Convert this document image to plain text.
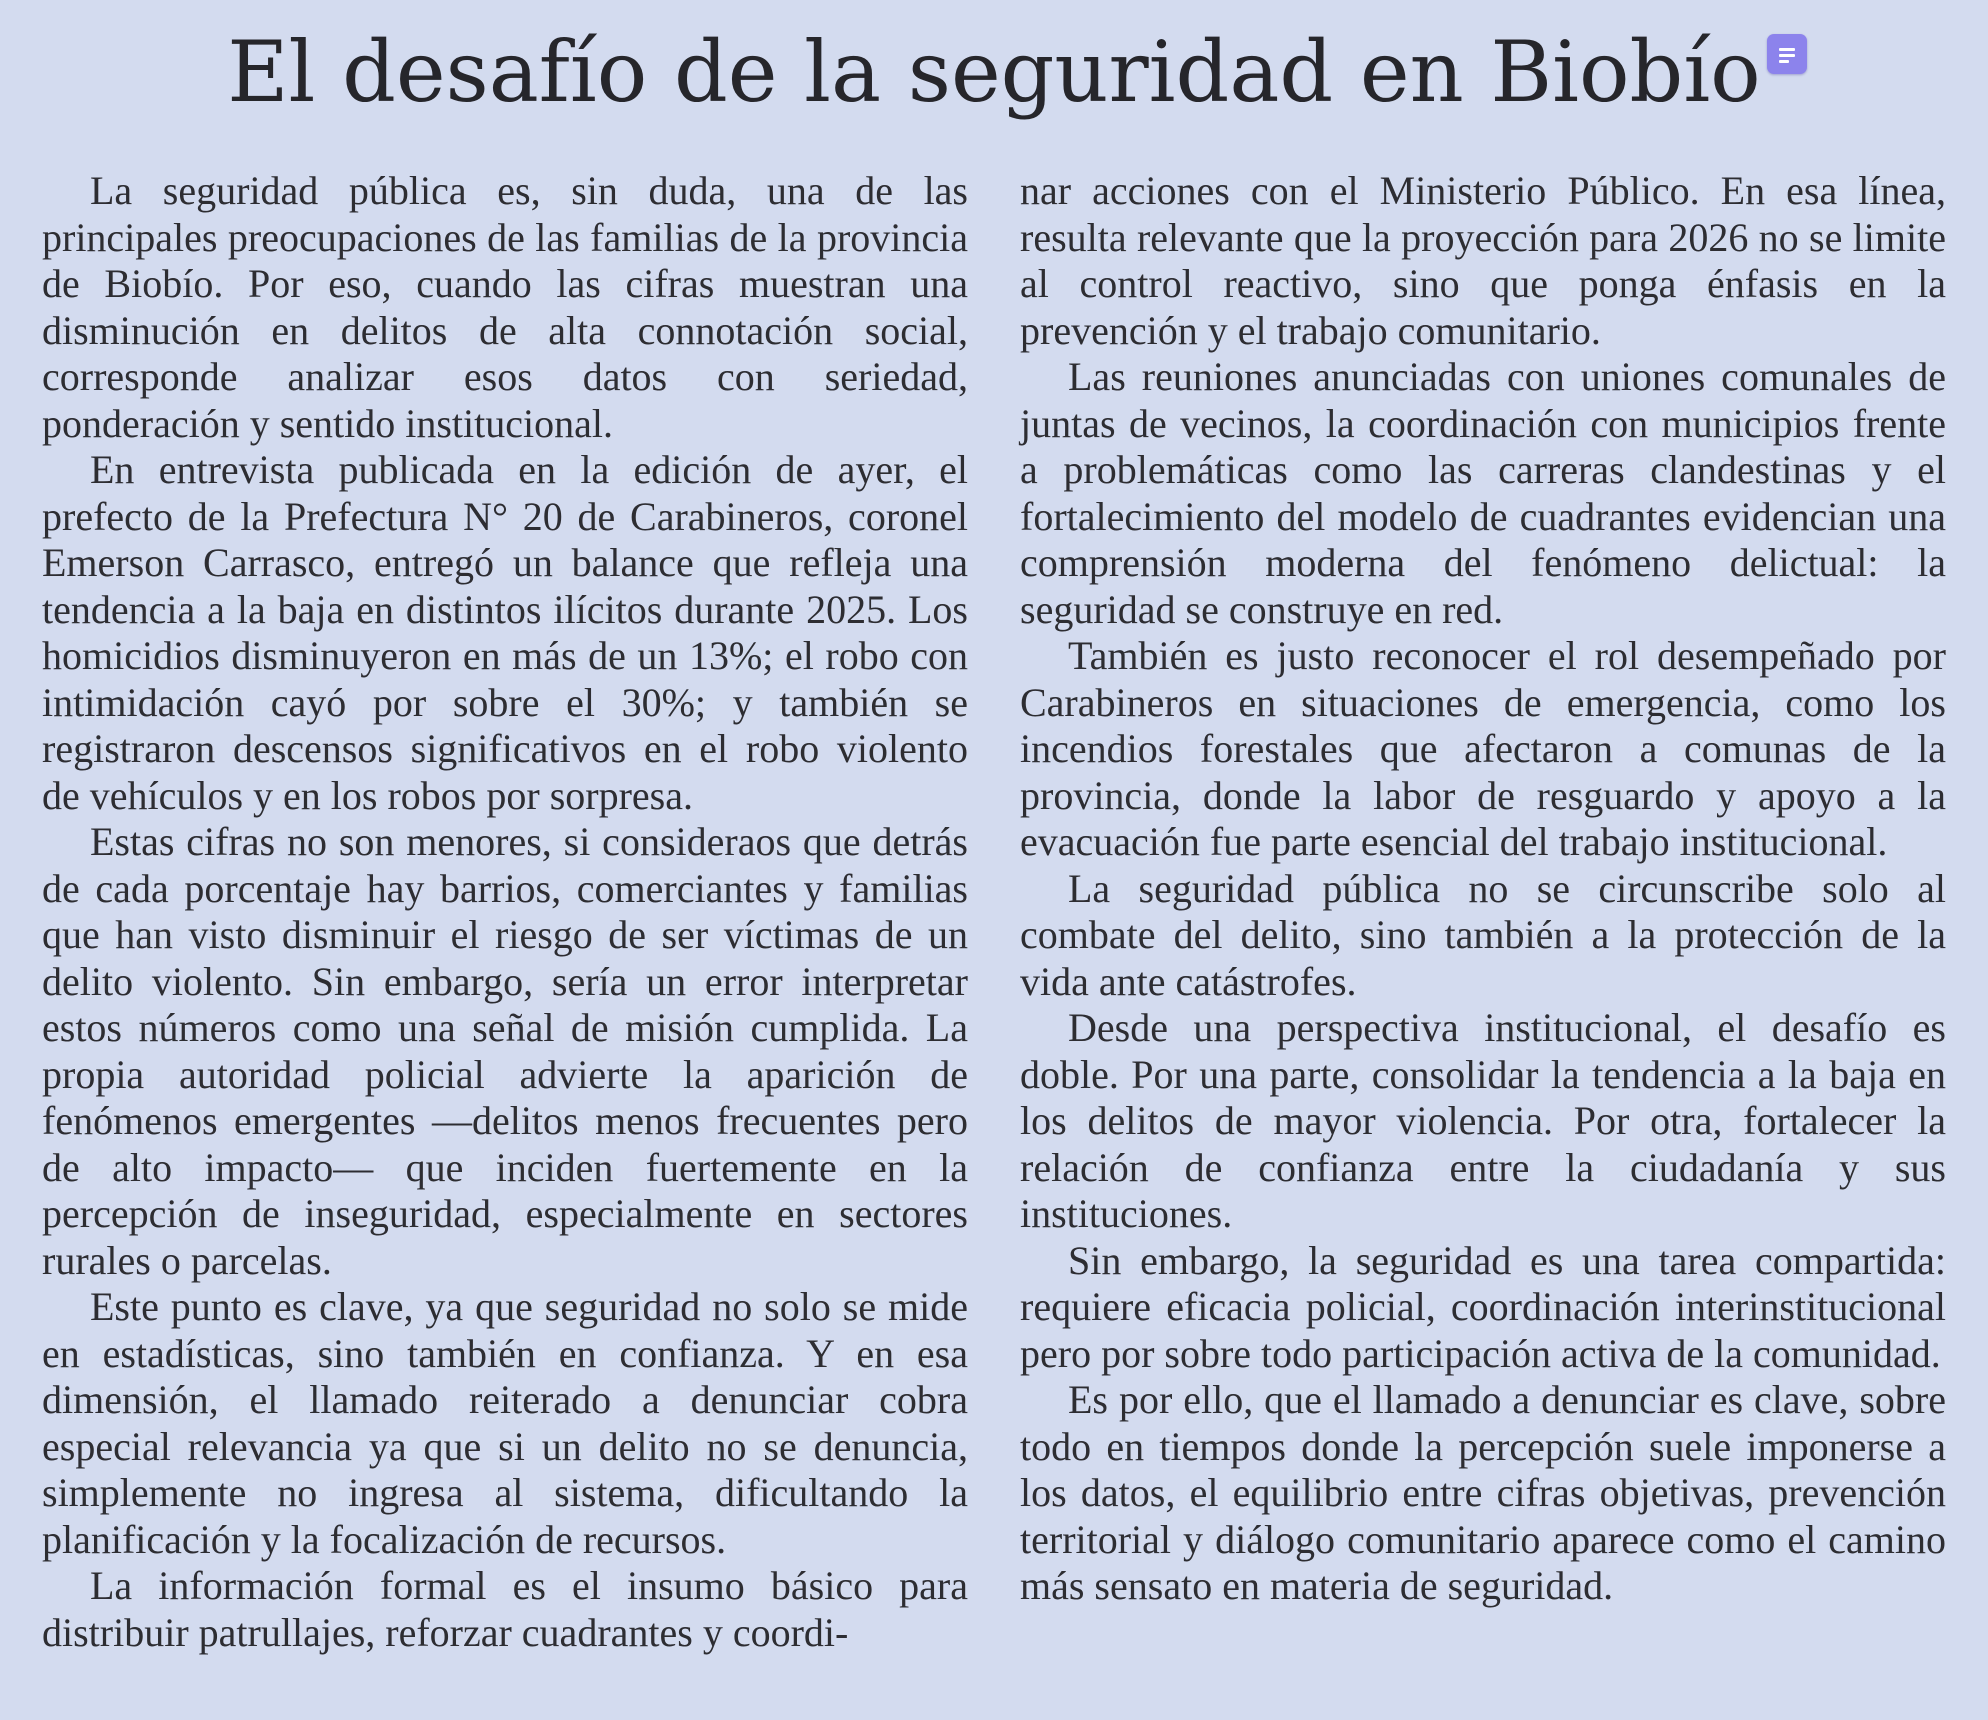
El desafío de la seguridad en Biobío

La seguridad pública es, sin duda, una de las principales preocupaciones de las familias de la provincia de Biobío. Por eso, cuando las cifras muestran una disminución en delitos de alta connotación social, corresponde analizar esos datos con seriedad, ponderación y sentido institucional.

En entrevista publicada en la edición de ayer, el prefecto de la Prefectura N° 20 de Carabineros, coronel Emerson Carrasco, entregó un balance que refleja una tendencia a la baja en distintos ilícitos durante 2025. Los homicidios disminuyeron en más de un 13%; el robo con intimidación cayó por sobre el 30%; y también se registraron descensos significativos en el robo violento de vehículos y en los robos por sorpresa.

Estas cifras no son menores, si consideraos que detrás de cada porcentaje hay barrios, comerciantes y familias que han visto disminuir el riesgo de ser víctimas de un delito violento. Sin embargo, sería un error interpretar estos números como una señal de misión cumplida. La propia autoridad policial advierte la aparición de fenómenos emergentes —delitos menos frecuentes pero de alto impacto— que inciden fuertemente en la percepción de inseguridad, especialmente en sectores rurales o parcelas.

Este punto es clave, ya que seguridad no solo se mide en estadísticas, sino también en confianza. Y en esa dimensión, el llamado reiterado a denunciar cobra especial relevancia ya que si un delito no se denuncia, simplemente no ingresa al sistema, dificultando la planificación y la focalización de recursos.

La información formal es el insumo básico para distribuir patrullajes, reforzar cuadrantes y coordi-

nar acciones con el Ministerio Público. En esa línea, resulta relevante que la proyección para 2026 no se limite al control reactivo, sino que ponga énfasis en la prevención y el trabajo comunitario.

Las reuniones anunciadas con uniones comunales de juntas de vecinos, la coordinación con municipios frente a problemáticas como las carreras clandestinas y el fortalecimiento del modelo de cuadrantes evidencian una comprensión moderna del fenómeno delictual: la seguridad se construye en red.

También es justo reconocer el rol desempeñado por Carabineros en situaciones de emergencia, como los incendios forestales que afectaron a comunas de la provincia, donde la labor de resguardo y apoyo a la evacuación fue parte esencial del trabajo institucional.

La seguridad pública no se circunscribe solo al combate del delito, sino también a la protección de la vida ante catástrofes.

Desde una perspectiva institucional, el desafío es doble. Por una parte, consolidar la tendencia a la baja en los delitos de mayor violencia. Por otra, fortalecer la relación de confianza entre la ciudadanía y sus instituciones.

Sin embargo, la seguridad es una tarea compartida: requiere eficacia policial, coordinación interinstitucional pero por sobre todo participación activa de la comunidad.

Es por ello, que el llamado a denunciar es clave, sobre todo en tiempos donde la percepción suele imponerse a los datos, el equilibrio entre cifras objetivas, prevención territorial y diálogo comunitario aparece como el camino más sensato en materia de seguridad.
